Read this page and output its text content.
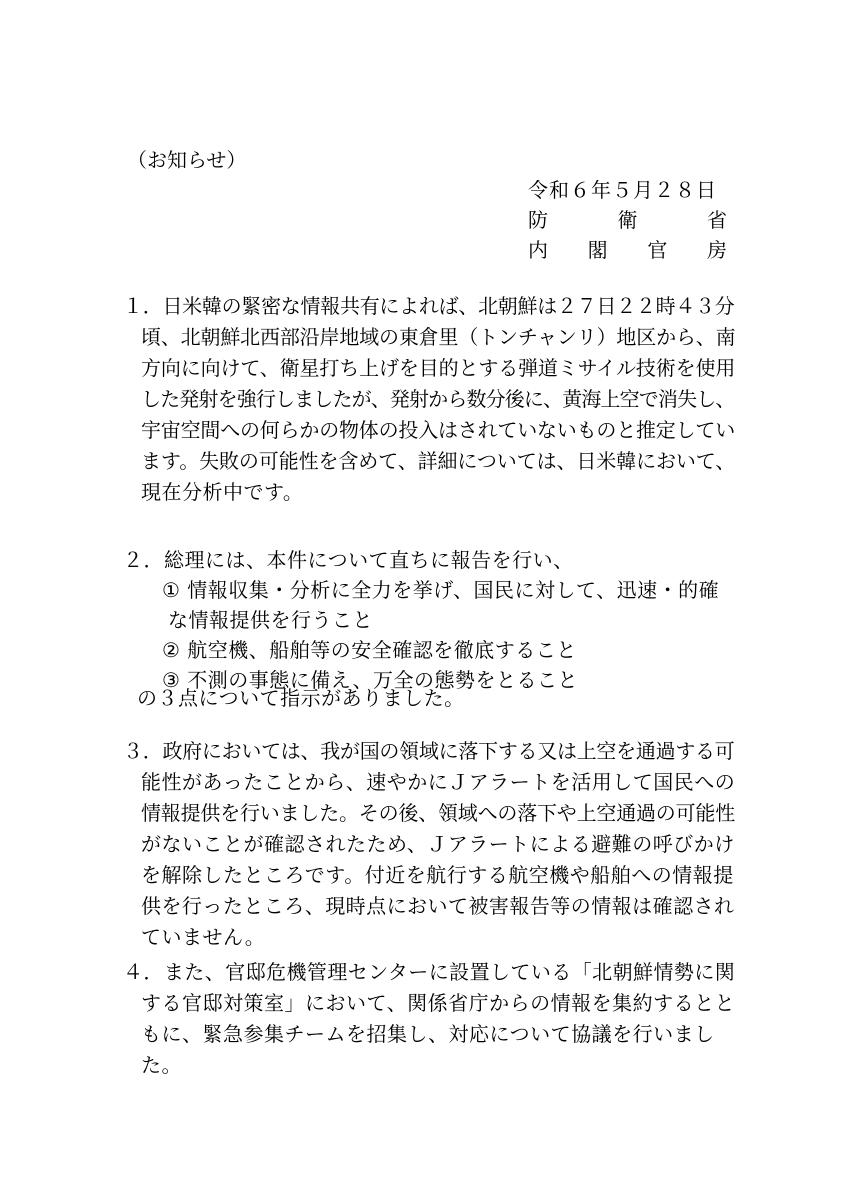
（お知らせ）
令和６年５月２８日
防	衛	省
内 閣 官 房
１．日米韓の緊密な情報共有によれば、北朝鮮は２７日２２時４３分
頃、北朝鮮北西部沿岸地域の東倉里（トンチャンリ）地区から、南
方向に向けて、衛星打ち上げを目的とする弾道ミサイル技術を使用
した発射を強行しましたが、発射から数分後に、黄海上空で消失し、
宇宙空間への何らかの物体の投入はされていないものと推定してい
ます。失敗の可能性を含めて、詳細については、日米韓において、
現在分析中です。
２．総理には、本件について直ちに報告を行い、
① 情報収集・分析に全力を挙げ、国民に対して、迅速・的確
な情報提供を行うこと
② 航空機、船舶等の安全確認を徹底すること
③ 不測の事態に備え、万全の態勢をとること
の３点について指示がありました。
３．政府においては、我が国の領域に落下する又は上空を通過する可
能性があったことから、速やかにＪアラートを活用して国民への
情報提供を行いました。その後、領域への落下や上空通過の可能性
がないことが確認されたため、Ｊアラートによる避難の呼びかけ
を解除したところです。付近を航行する航空機や船舶への情報提
供を行ったところ、現時点において被害報告等の情報は確認され
ていません。
４．また、官邸危機管理センターに設置している「北朝鮮情勢に関
する官邸対策室」において、関係省庁からの情報を集約するとと
もに、緊急参集チームを招集し、対応について協議を行いまし
た。
